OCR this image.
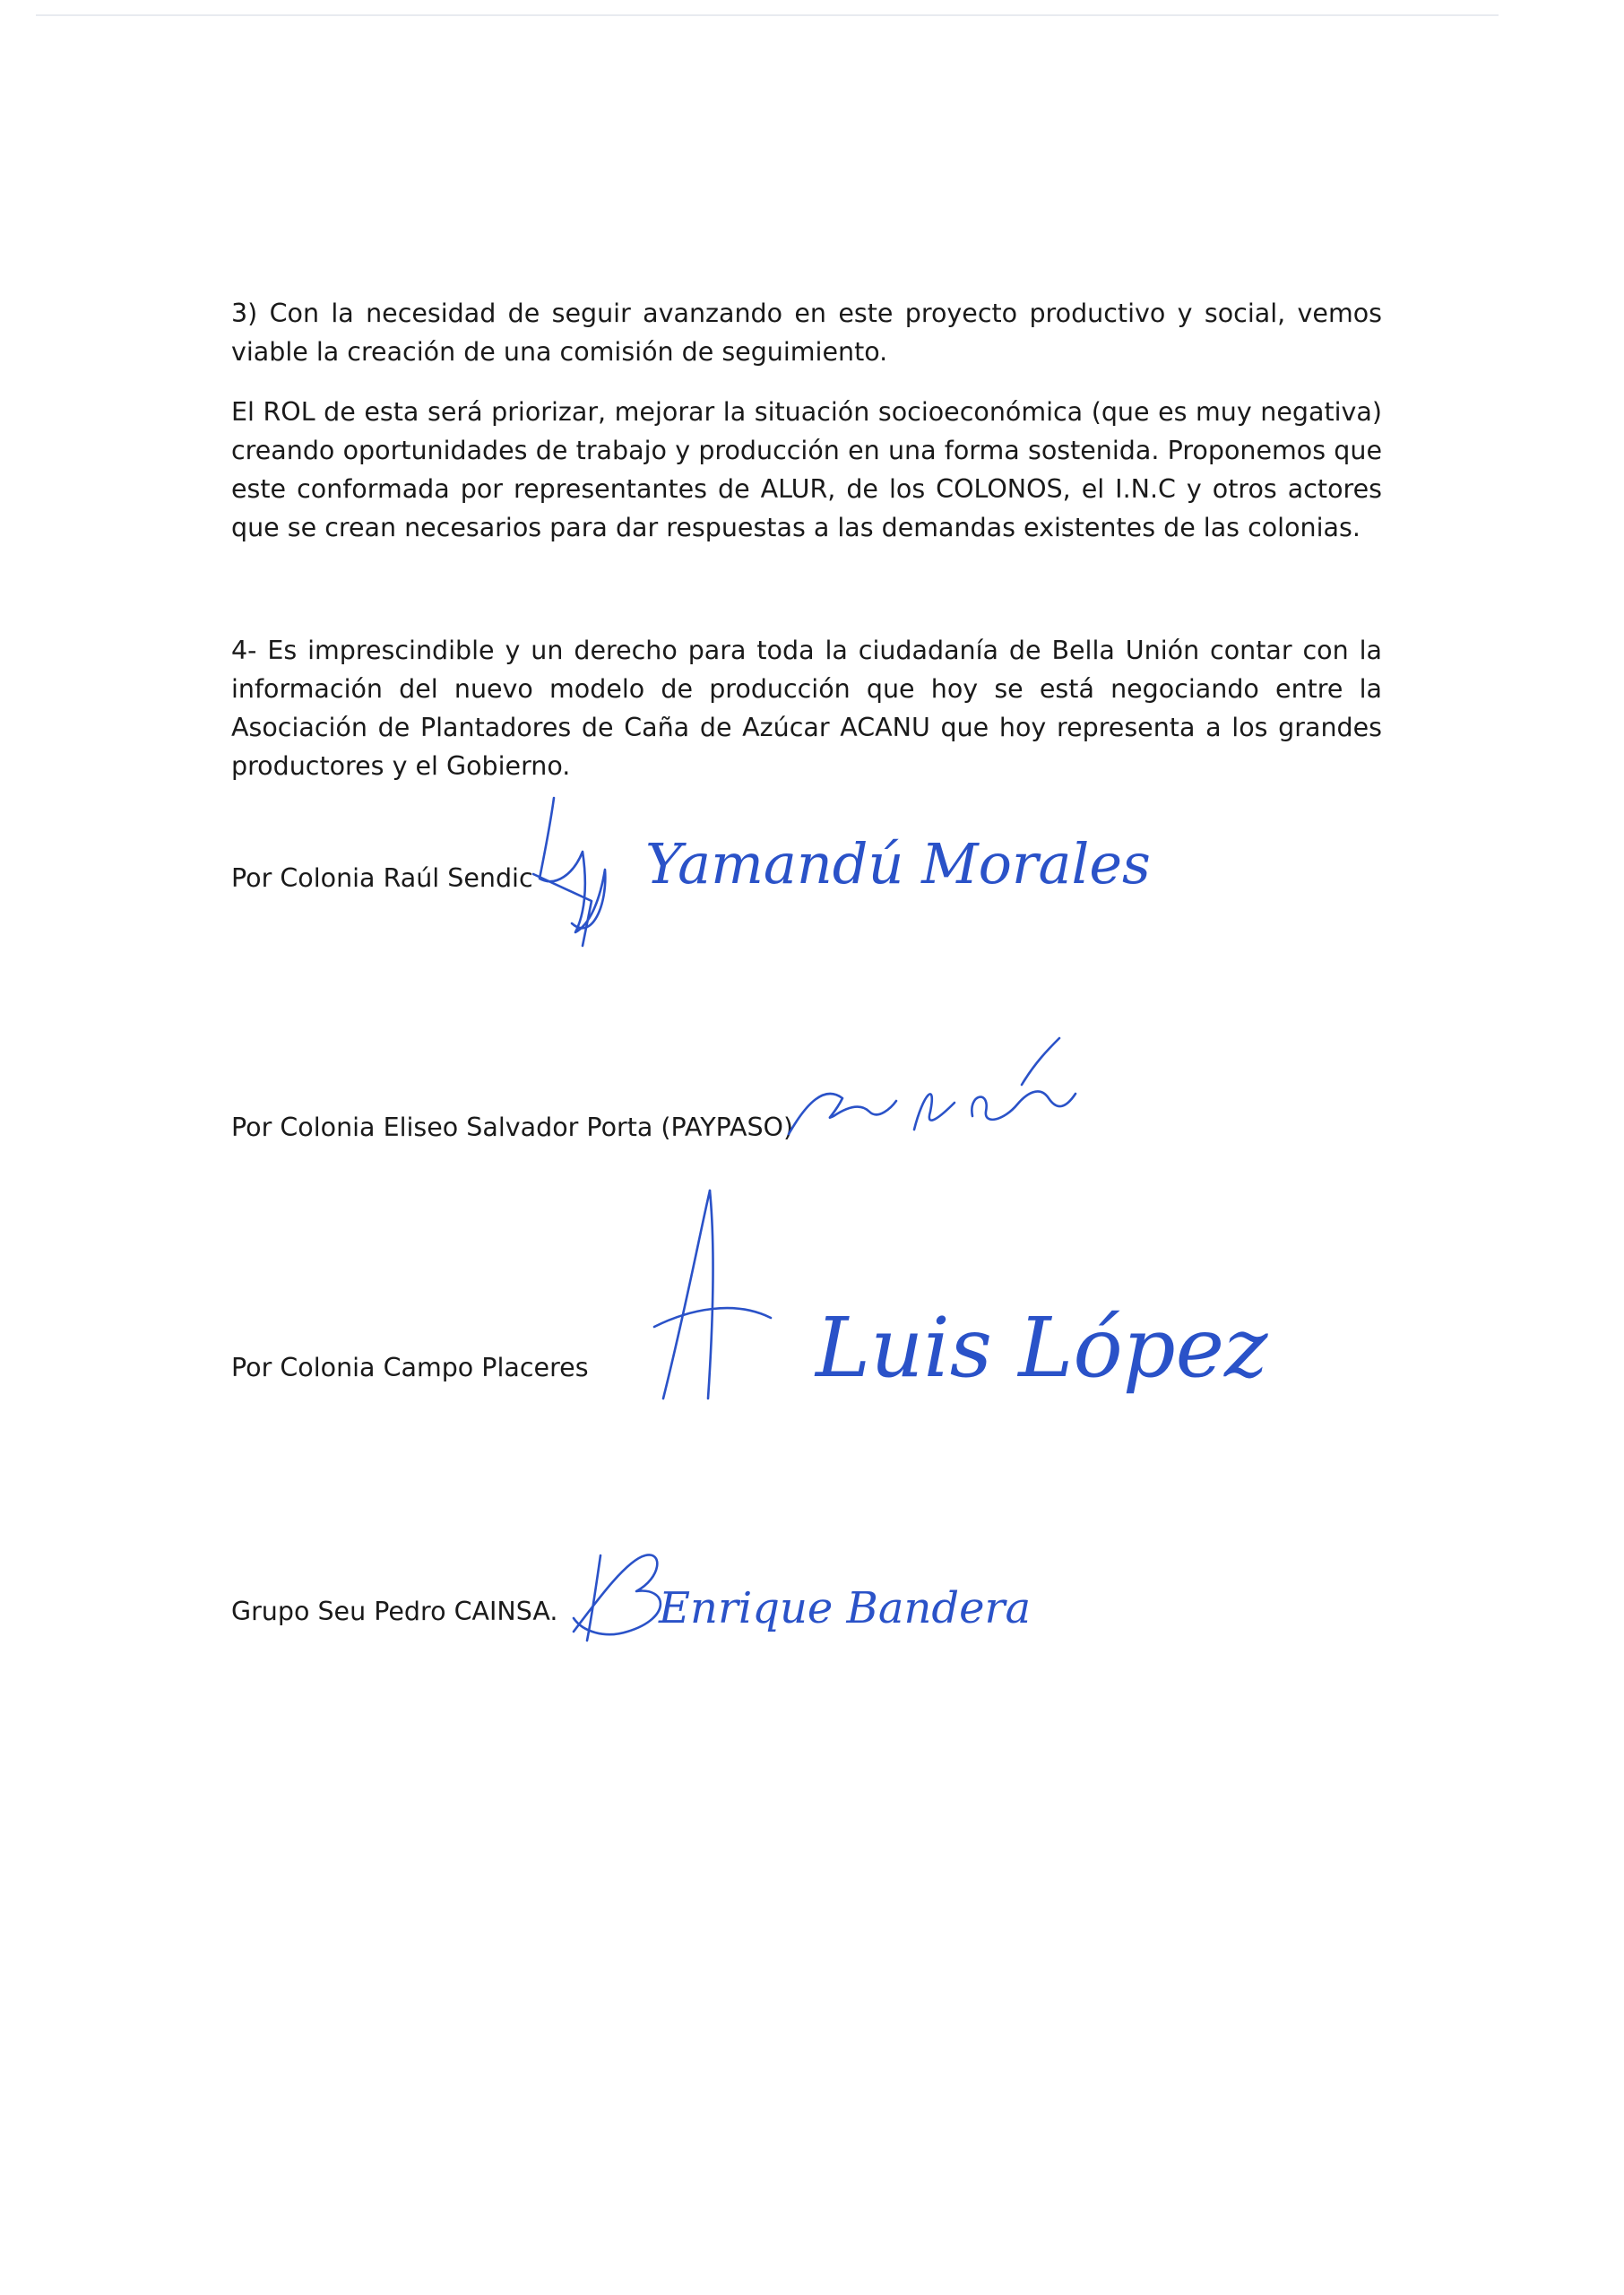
3) Con la necesidad de seguir avanzando en este proyecto productivo y social, vemos viable la creación de una comisión de seguimiento.

El ROL de esta será priorizar, mejorar la situación socioeconómica (que es muy negativa) creando oportunidades de trabajo y producción en una forma sostenida. Proponemos que este conformada por representantes de ALUR, de los COLONOS, el I.N.C y otros actores que se crean necesarios para dar respuestas a las demandas existentes de las colonias.

4- Es imprescindible y un derecho para toda la ciudadanía de Bella Unión contar con la información del nuevo modelo de producción que hoy se está negociando entre la Asociación de Plantadores de Caña de Azúcar ACANU que hoy representa a los grandes productores y el Gobierno.

Por Colonia Raúl Sendic Yamandú Morales
Por Colonia Eliseo Salvador Porta (PAYPASO)
Por Colonia Campo Placeres	Luis López
Grupo Seu Pedro CAINSA. Enrique Bandera
